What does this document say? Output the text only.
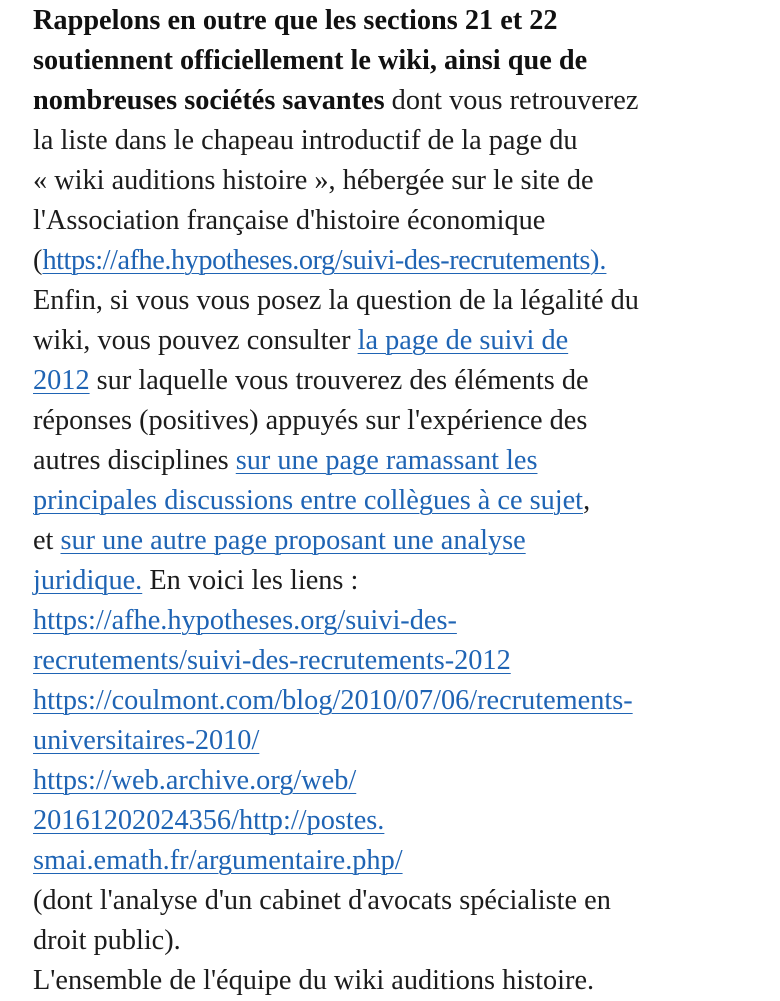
Rappelons en outre que les sections 21 et 22
soutiennent officiellement le wiki, ainsi que de
nombreuses sociétés savantes dont vous retrouverez
la liste dans le chapeau introductif de la page du
« wiki auditions histoire », hébergée sur le site de
l'Association française d'histoire économique
(https://afhe.hypotheses.org/suivi-des-recrutements).
Enfin, si vous vous posez la question de la légalité du
wiki, vous pouvez consulter la page de suivi de
2012 sur laquelle vous trouverez des éléments de
réponses (positives) appuyés sur l'expérience des
autres disciplines sur une page ramassant les
principales discussions entre collègues à ce sujet,
et sur une autre page proposant une analyse
juridique. En voici les liens :
https://afhe.hypotheses.org/suivi-des-
recrutements/suivi-des-recrutements-2012
https://coulmont.com/blog/2010/07/06/recrutements-
universitaires-2010/
https://web.archive.org/web/
20161202024356/http://postes.
smai.emath.fr/argumentaire.php/
(dont l'analyse d'un cabinet d'avocats spécialiste en
droit public).
L'ensemble de l'équipe du wiki auditions histoire.
